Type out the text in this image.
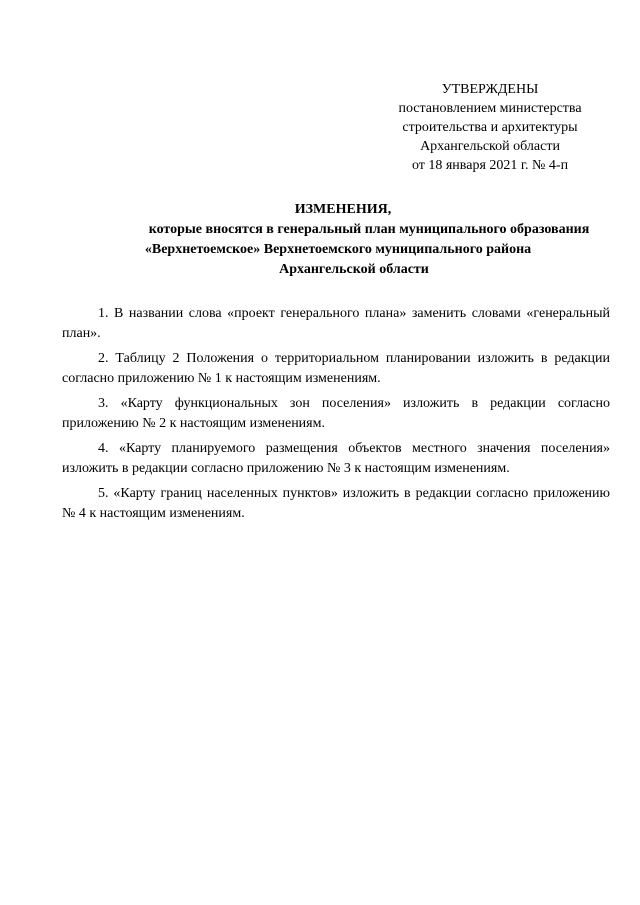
УТВЕРЖДЕНЫ
постановлением министерства
строительства и архитектуры
Архангельской области
от 18 января 2021 г. № 4-п
ИЗМЕНЕНИЯ,
которые вносятся в генеральный план муниципального образования
«Верхнетоемское» Верхнетоемского муниципального района
Архангельской области

1. В названии слова «проект генерального плана» заменить словами «генеральный план».

2. Таблицу 2 Положения о территориальном планировании изложить в редакции согласно приложению № 1 к настоящим изменениям.

3. «Карту функциональных зон поселения» изложить в редакции согласно приложению № 2 к настоящим изменениям.

4. «Карту планируемого размещения объектов местного значения поселения» изложить в редакции согласно приложению № 3 к настоящим изменениям.

5. «Карту границ населенных пунктов» изложить в редакции согласно приложению № 4 к настоящим изменениям.
